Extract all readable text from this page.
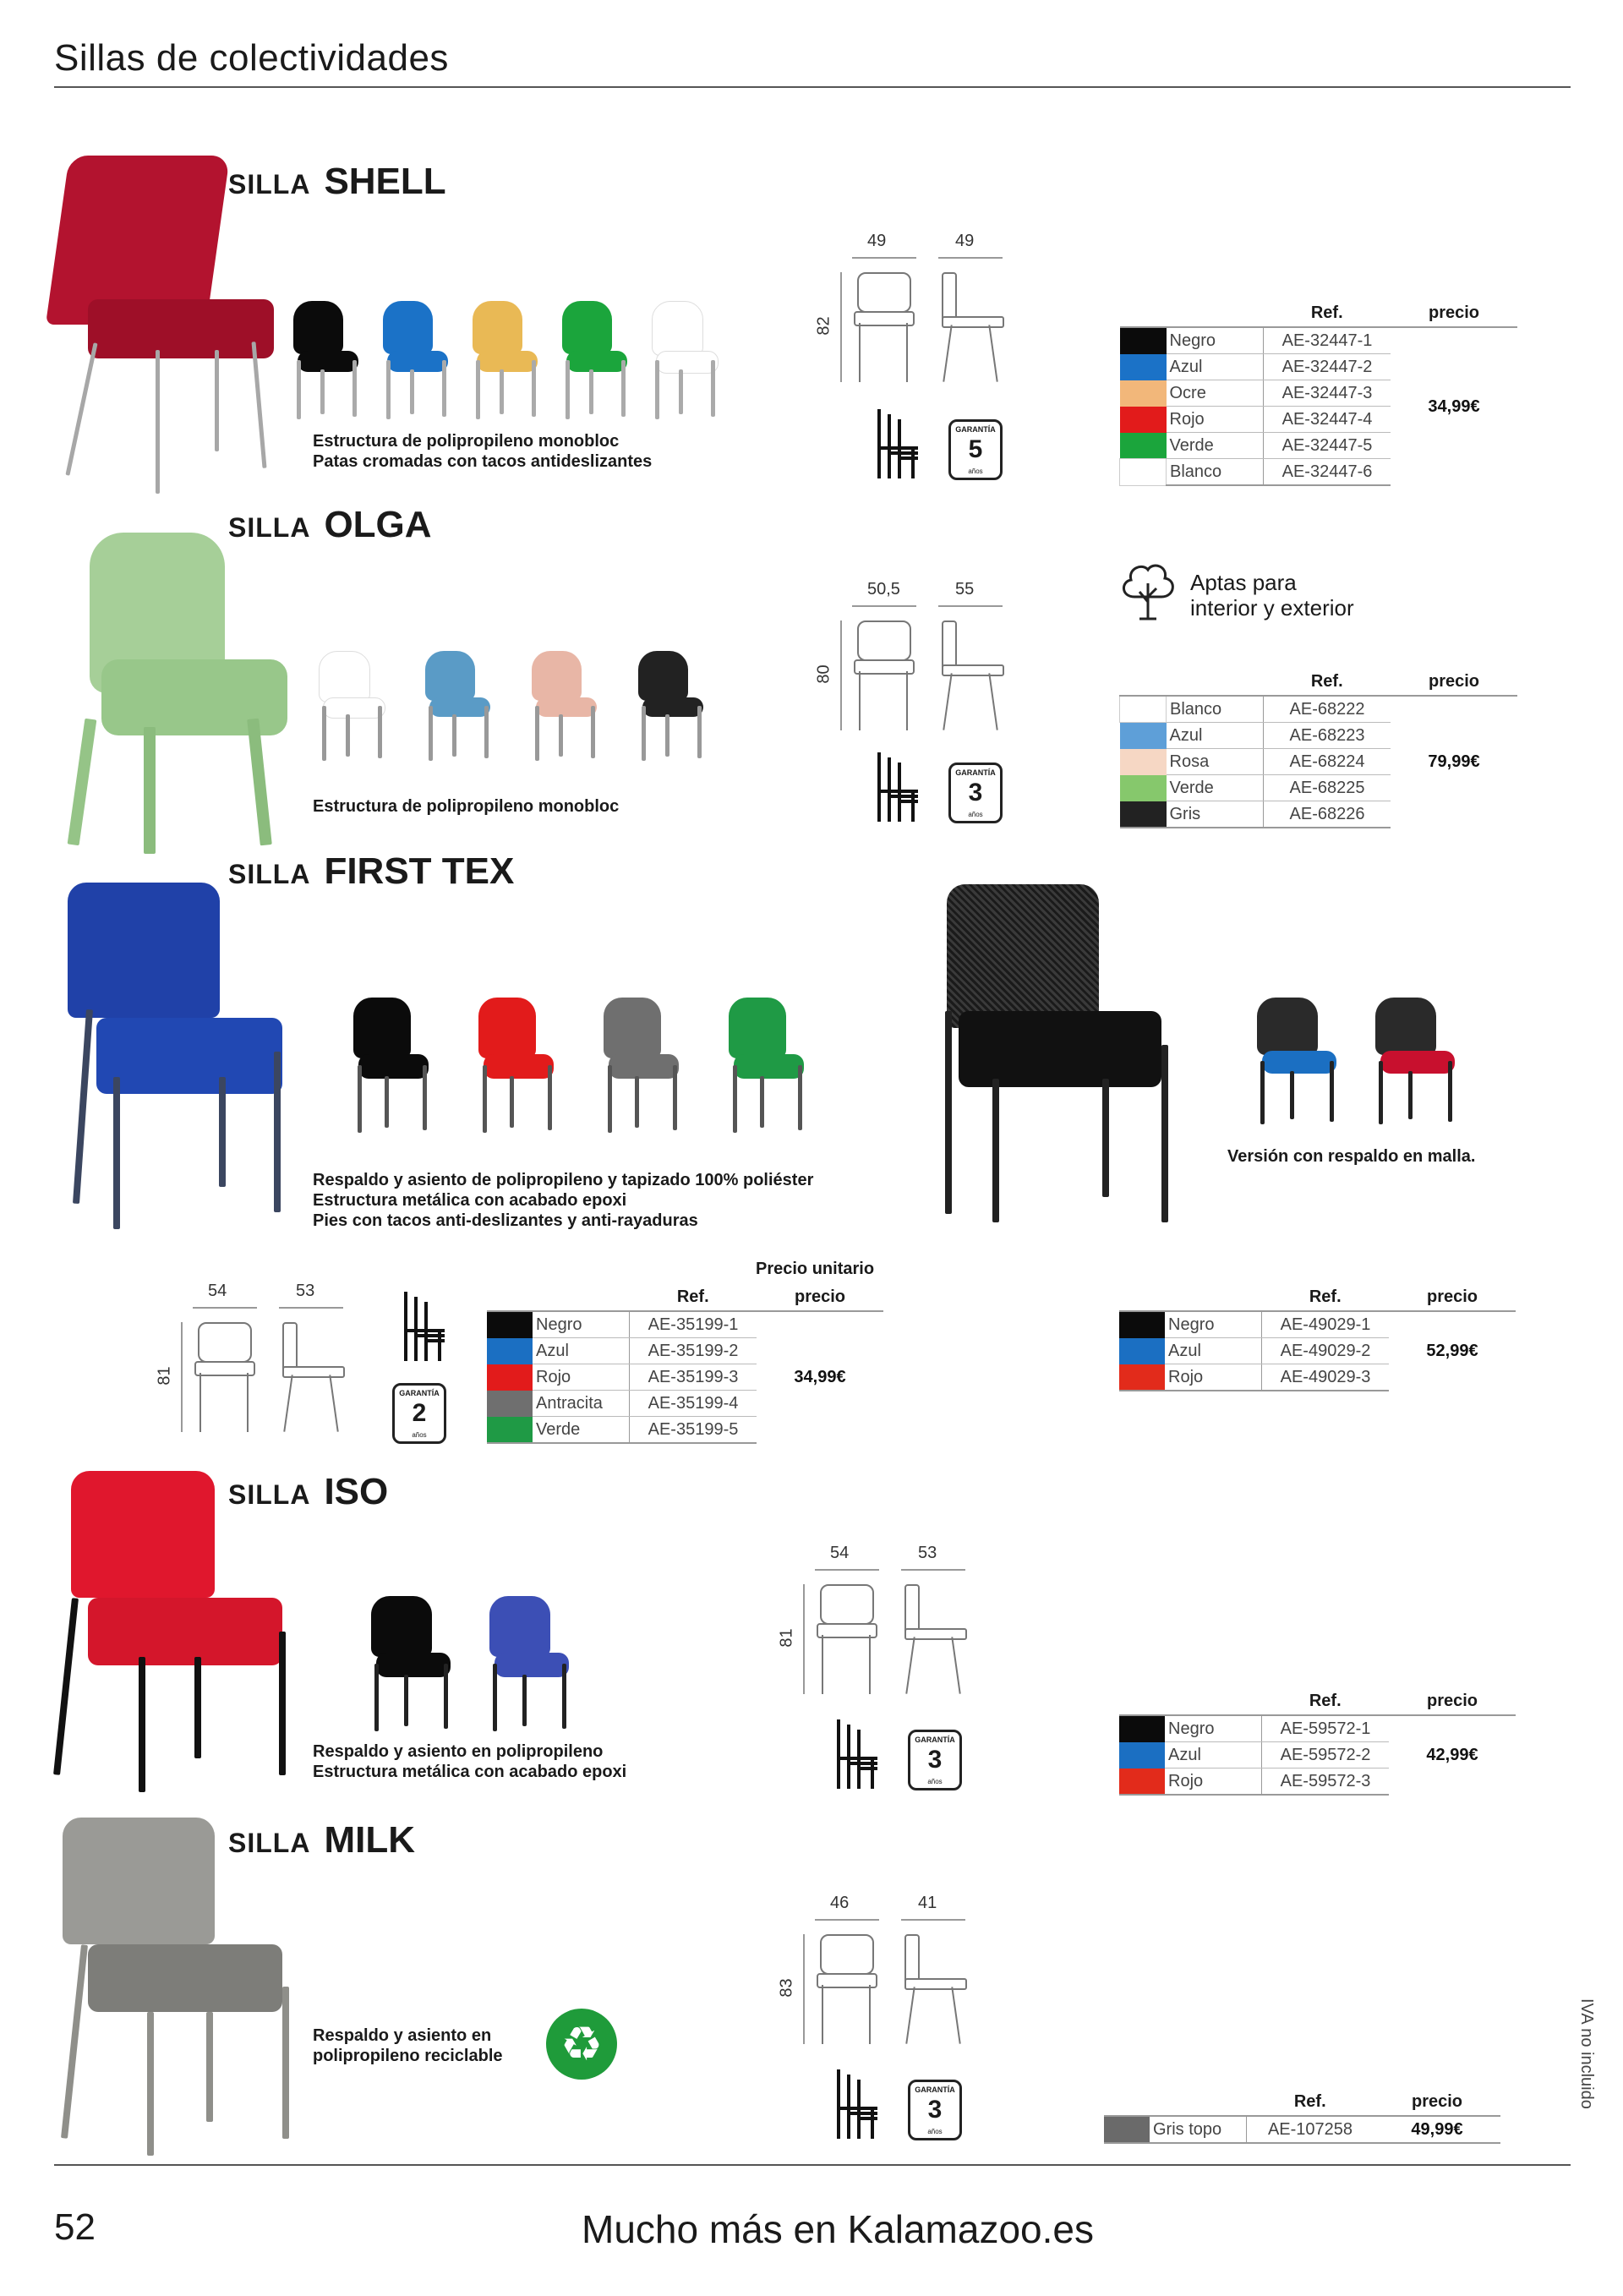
Sillas de colectividades
SILLA SHELL
Estructura de polipropileno monobloc
Patas cromadas con tacos antideslizantes
49	49
82
GARANTÍA
5
años
		Ref.	precio
	Negro	AE-32447-1	34,99€
	Azul	AE-32447-2	
	Ocre	AE-32447-3	
	Rojo	AE-32447-4	
	Verde	AE-32447-5	
	Blanco	AE-32447-6	
SILLA OLGA
Estructura de polipropileno monobloc
50,5	55
80
GARANTÍA
3
años
Aptas para
interior y exterior
		Ref.	precio
	Blanco	AE-68222	79,99€
	Azul	AE-68223	
	Rosa	AE-68224	
	Verde	AE-68225	
	Gris	AE-68226	
SILLA FIRST TEX
Respaldo y asiento de polipropileno y tapizado 100% poliéster
Estructura metálica con acabado epoxi
Pies con tacos anti-deslizantes y anti-rayaduras
Versión con respaldo en malla.
54	53
81
GARANTÍA
2
años
Precio unitario
		Ref.	precio
	Negro	AE-35199-1	34,99€
	Azul	AE-35199-2	
	Rojo	AE-35199-3	
	Antracita	AE-35199-4	
	Verde	AE-35199-5	
		Ref.	precio
	Negro	AE-49029-1	52,99€
	Azul	AE-49029-2	
	Rojo	AE-49029-3	
SILLA ISO
Respaldo y asiento en polipropileno
Estructura metálica con acabado epoxi
54	53
81
GARANTÍA
3
años
		Ref.	precio
	Negro	AE-59572-1	42,99€
	Azul	AE-59572-2	
	Rojo	AE-59572-3	
SILLA MILK
Respaldo y asiento en
polipropileno reciclable	♻
46	41
83
GARANTÍA
3
años
		Ref.	precio
	Gris topo	AE-107258	49,99€
IVA no incluido
52	Mucho más en Kalamazoo.es
